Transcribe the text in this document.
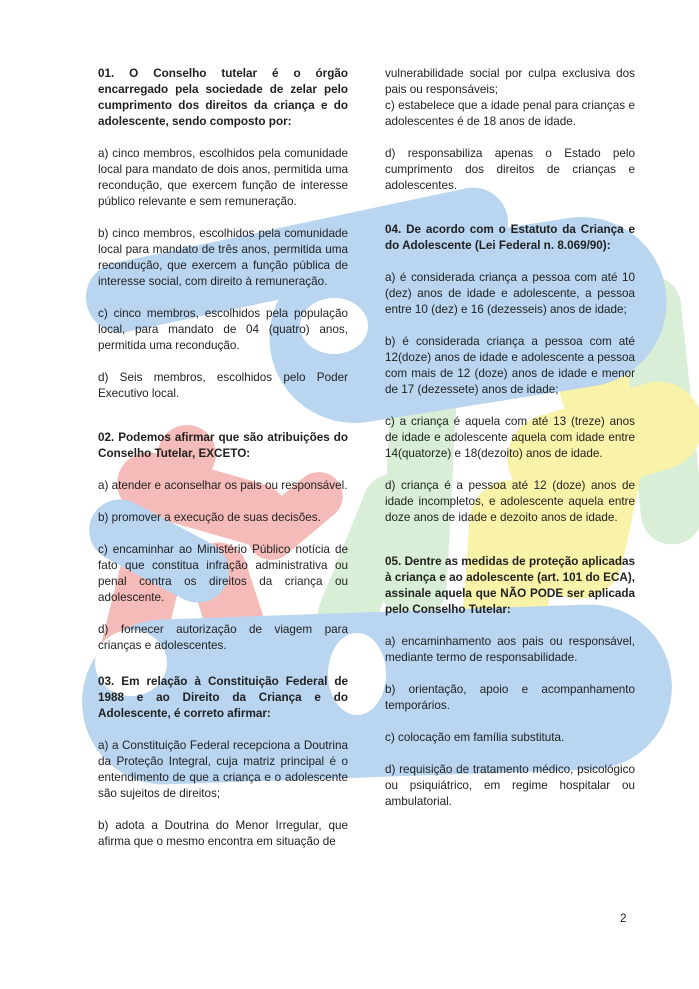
01. O Conselho tutelar é o órgão encarregado pela sociedade de zelar pelo cumprimento dos direitos da criança e do adolescente, sendo composto por:

a) cinco membros, escolhidos pela comunidade local para mandato de dois anos, permitida uma recondução, que exercem função de interesse público relevante e sem remuneração.

b) cinco membros, escolhidos pela comunidade local para mandato de três anos, permitida uma recondução, que exercem a função pública de interesse social, com direito à remuneração.

c) cinco membros, escolhidos pela população local, para mandato de 04 (quatro) anos, permitida uma recondução.

d) Seis membros, escolhidos pelo Poder Executivo local.

02. Podemos afirmar que são atribuições do Conselho Tutelar, EXCETO:

a) atender e aconselhar os pais ou responsável.

b) promover a execução de suas decisões.

c) encaminhar ao Ministério Público notícia de fato que constitua infração administrativa ou penal contra os direitos da criança ou adolescente.

d) fornecer autorização de viagem para crianças e adolescentes.

03. Em relação à Constituição Federal de 1988 e ao Direito da Criança e do Adolescente, é correto afirmar:

a) a Constituição Federal recepciona a Doutrina da Proteção Integral, cuja matriz principal é o entendimento de que a criança e o adolescente são sujeitos de direitos;

b) adota a Doutrina do Menor Irregular, que afirma que o mesmo encontra em situação de

vulnerabilidade social por culpa exclusiva dos pais ou responsáveis;

c) estabelece que a idade penal para crianças e adolescentes é de 18 anos de idade.

d) responsabiliza apenas o Estado pelo cumprimento dos direitos de crianças e adolescentes.

04. De acordo com o Estatuto da Criança e do Adolescente (Lei Federal n. 8.069/90):

a) é considerada criança a pessoa com até 10 (dez) anos de idade e adolescente, a pessoa entre 10 (dez) e 16 (dezesseis) anos de idade;

b) é considerada criança a pessoa com até 12(doze) anos de idade e adolescente a pessoa com mais de 12 (doze) anos de idade e menor de 17 (dezessete) anos de idade;

c) a criança é aquela com até 13 (treze) anos de idade e adolescente aquela com idade entre 14(quatorze) e 18(dezoito) anos de idade.

d) criança é a pessoa até 12 (doze) anos de idade incompletos, e adolescente aquela entre doze anos de idade e dezoito anos de idade.

05. Dentre as medidas de proteção aplicadas à criança e ao adolescente (art. 101 do ECA), assinale aquela que NÃO PODE ser aplicada pelo Conselho Tutelar:

a) encaminhamento aos pais ou responsável, mediante termo de responsabilidade.

b) orientação, apoio e acompanhamento temporários.

c) colocação em família substituta.

d) requisição de tratamento médico, psicológico ou psiquiátrico, em regime hospitalar ou ambulatorial.

2
